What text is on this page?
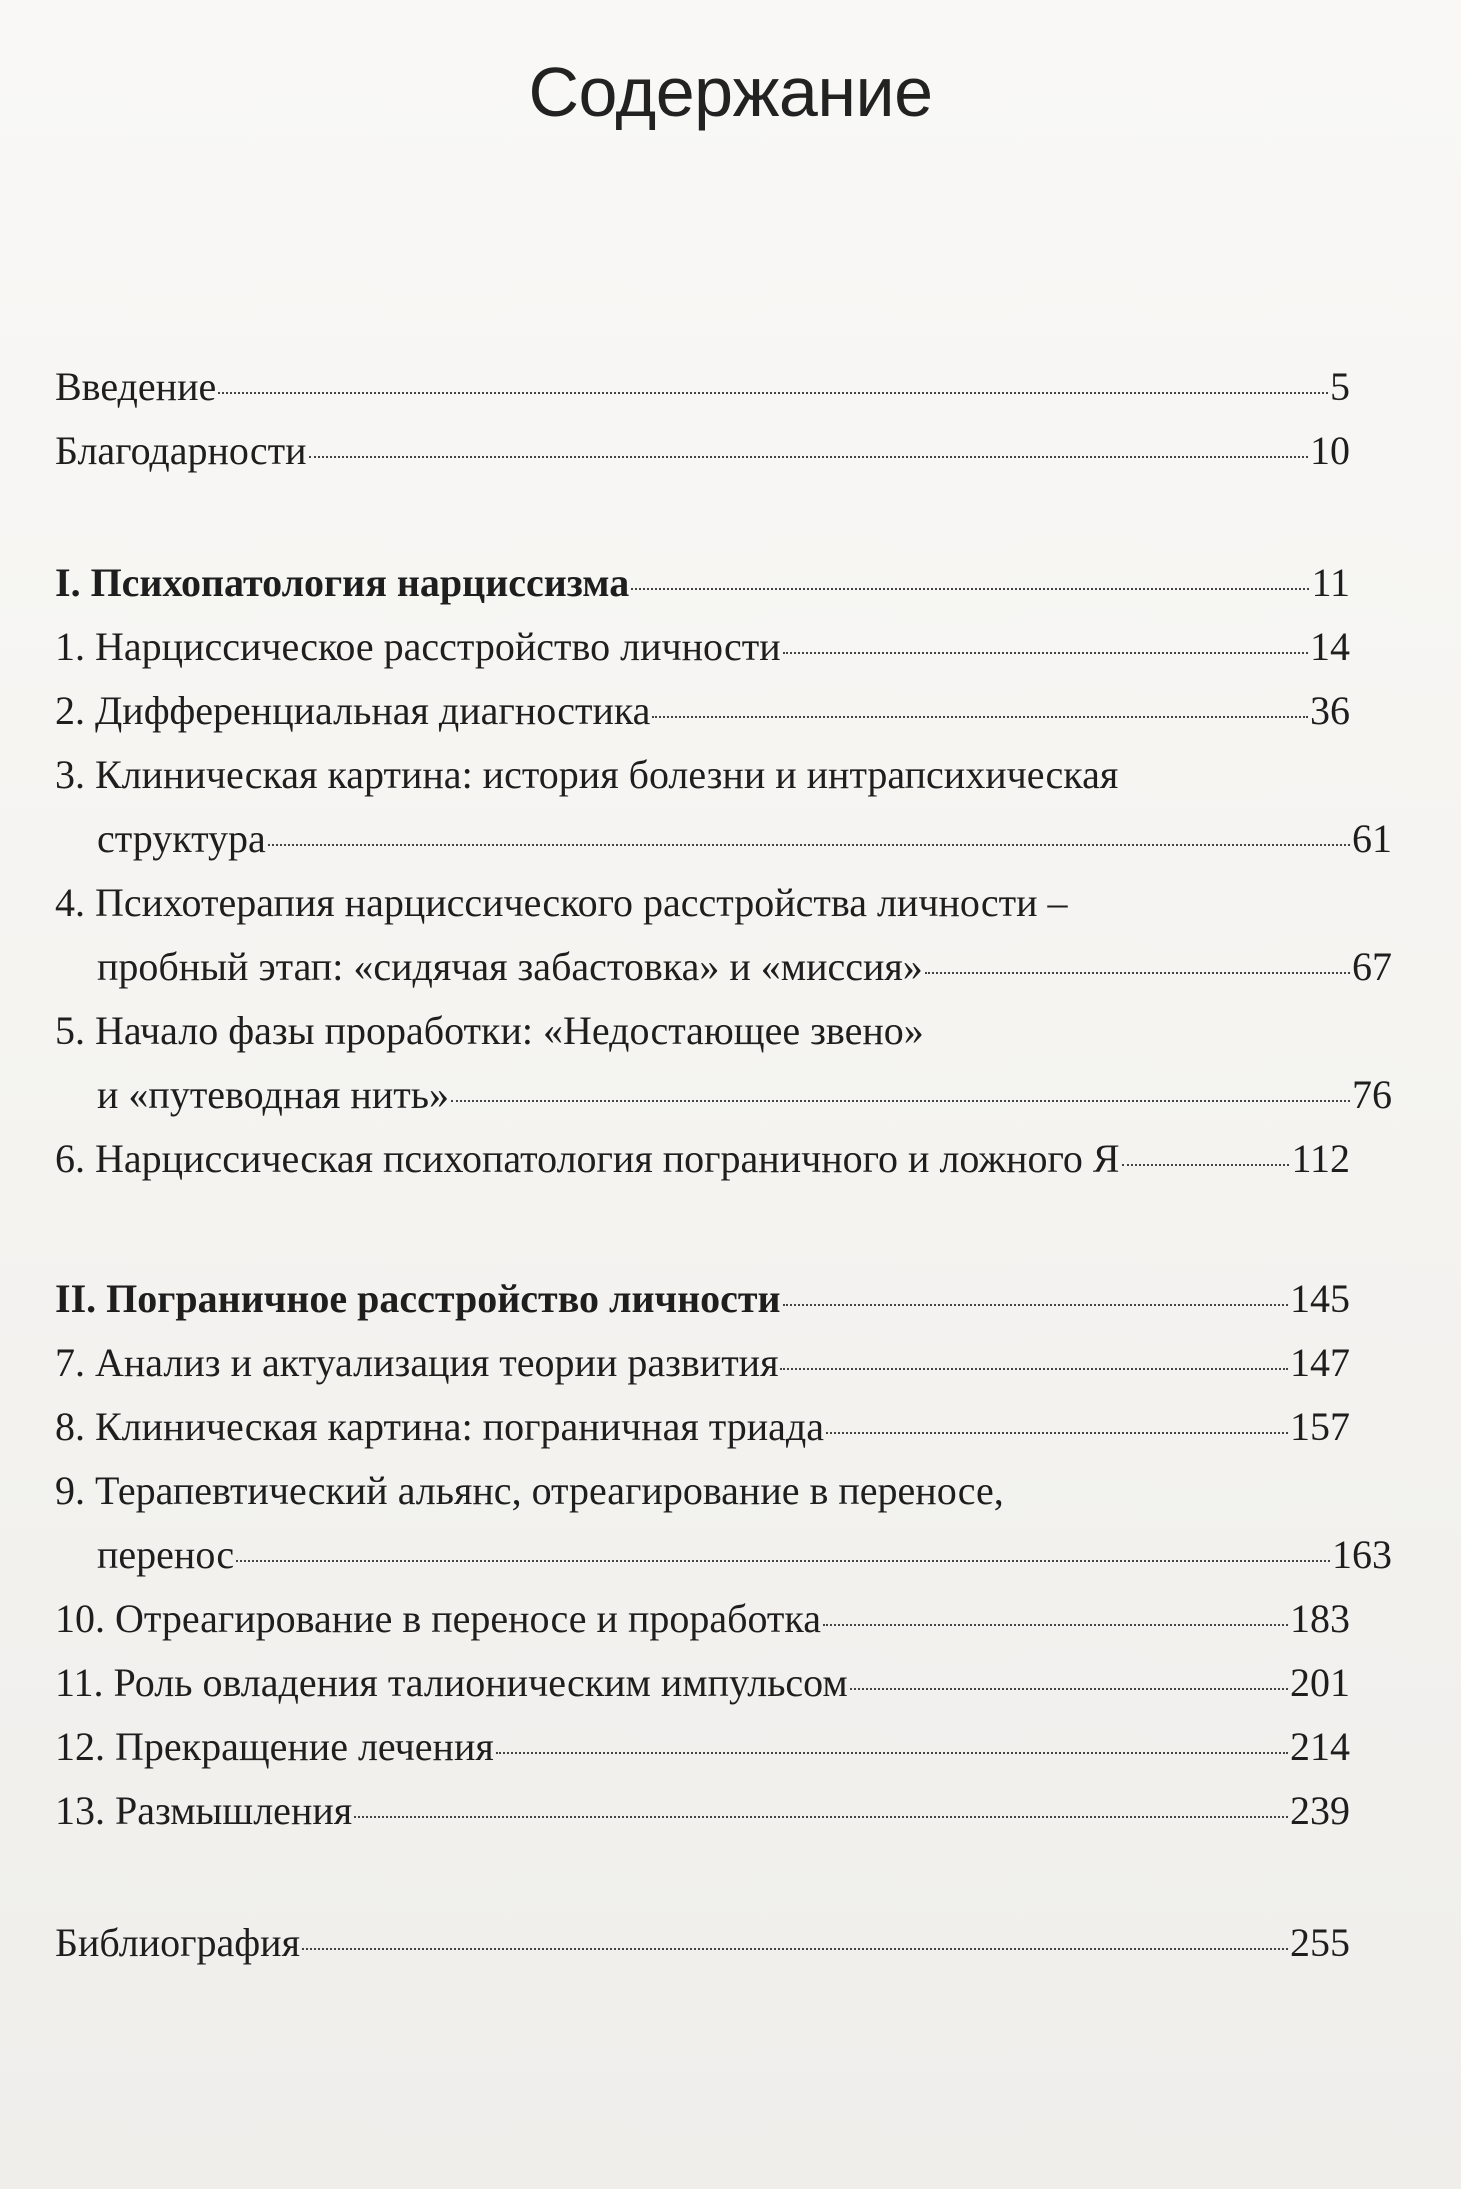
Содержание
Введение	5
Благодарности	10
I. Психопатология нарциссизма	11
1. Нарциссическое расстройство личности	14
2. Дифференциальная диагностика	36
3. Клиническая картина: история болезни и интрапсихическая
структура	61
4. Психотерапия нарциссического расстройства личности –
пробный этап: «сидячая забастовка» и «миссия»	67
5. Начало фазы проработки: «Недостающее звено»
и «путеводная нить»	76
6. Нарциссическая психопатология пограничного и ложного Я	112
II. Пограничное расстройство личности	145
7. Анализ и актуализация теории развития	147
8. Клиническая картина: пограничная триада	157
9. Терапевтический альянс, отреагирование в переносе,
перенос	163
10. Отреагирование в переносе и проработка	183
11. Роль овладения талионическим импульсом	201
12. Прекращение лечения	214
13. Размышления	239
Библиография	255
